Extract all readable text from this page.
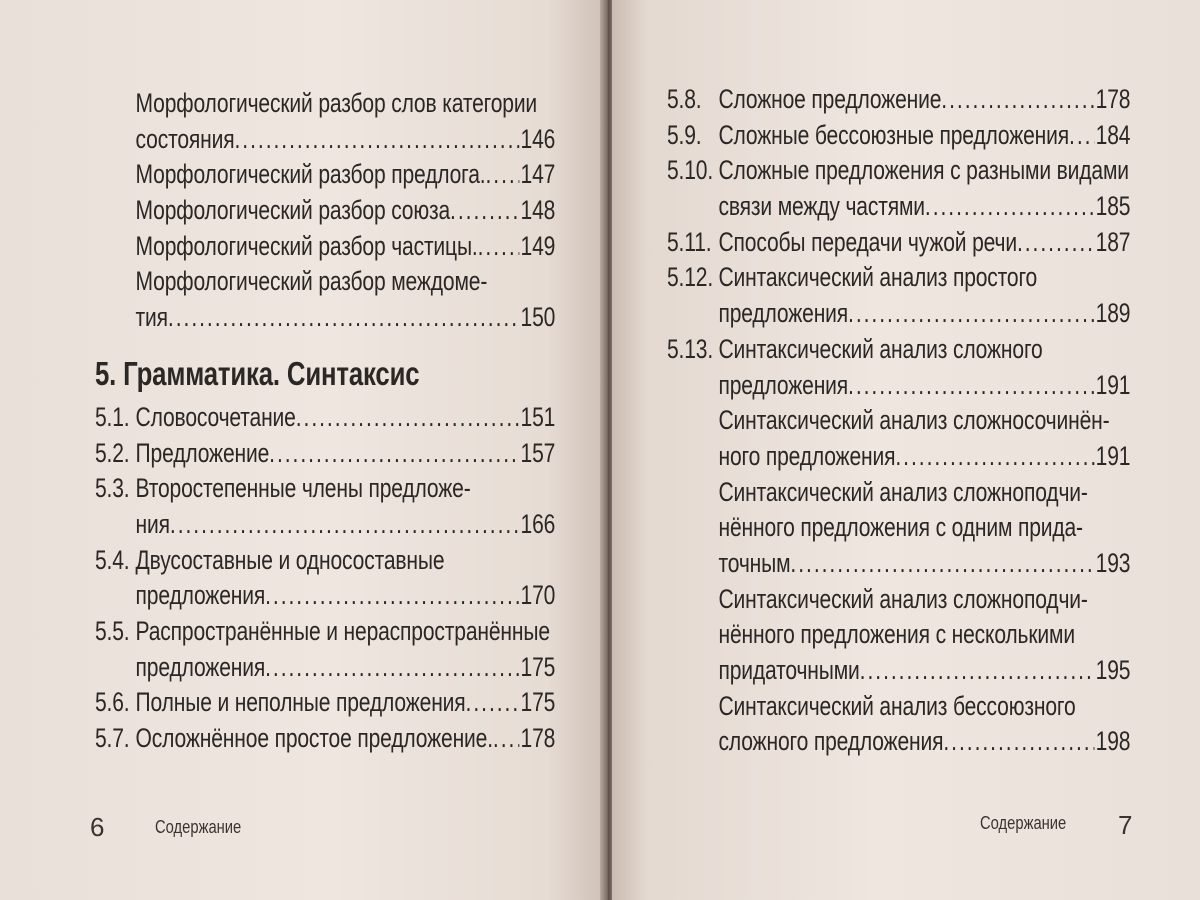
Морфологический разбор слов категории
состояния . . .	146
Морфологический разбор предлога. . . . 147
Морфологический разбор союза . . .	148
Морфологический разбор частицы. . . . 149
Морфологический разбор междоме-
тия . . .	150
5. Грамматика. Синтаксис
5.1. Словосочетание . . .	151
5.2. Предложение . . .	157
5.3. Второстепенные члены предложе-
ния . . .	166
5.4. Двусоставные и односоставные
предложения . . .	170
5.5. Распространённые и нераспространённые
предложения . . .	175
5.6. Полные и неполные предложения . . . 175
5.7. Осложнённое простое предложение. . . . 178
6	Содержание
5.8. Сложное предложение . . .	178
5.9. Сложные бессоюзные предложения . . . 184
5.10. Сложные предложения с разными видами
связи между частями . . .	185
5.11. Способы передачи чужой речи . . .	187
5.12. Синтаксический анализ простого
предложения . . .	189
5.13. Синтаксический анализ сложного
предложения . . .	191
Синтаксический анализ сложносочинён-
ного предложения . . .	191
Синтаксический анализ сложноподчи-
нённого предложения с одним прида-
точным . . .	193
Синтаксический анализ сложноподчи-
нённого предложения с несколькими
придаточными . . .	195
Синтаксический анализ бессоюзного
сложного предложения . . .	198
Содержание 7
